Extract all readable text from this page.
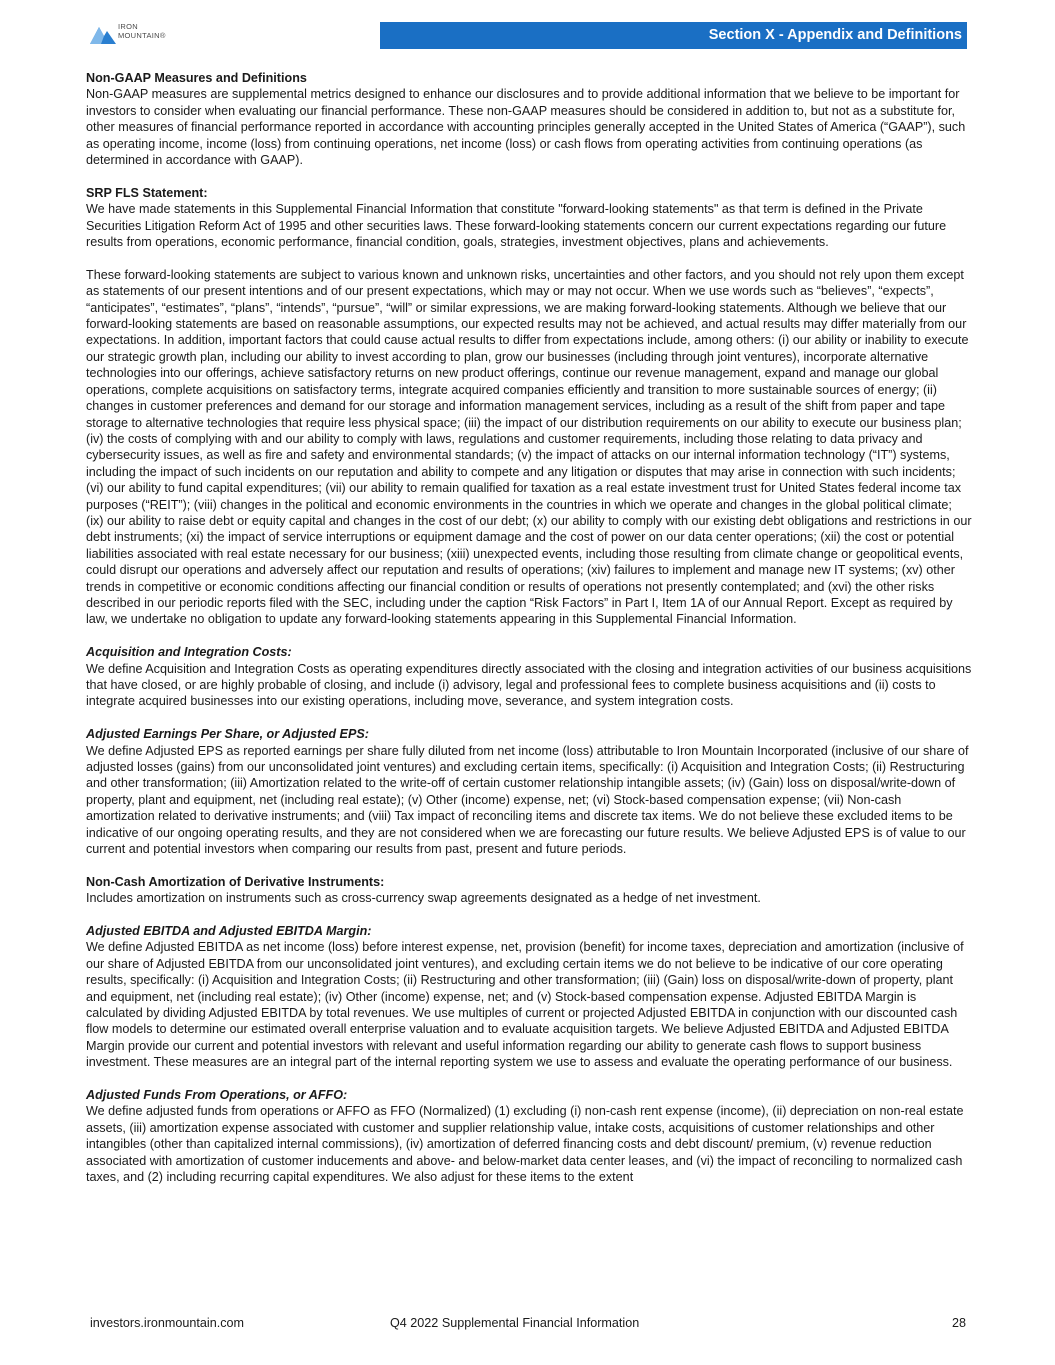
IRON
MOUNTAIN®	Section X - Appendix and Definitions

Non-GAAP Measures and Definitions

Non-GAAP measures are supplemental metrics designed to enhance our disclosures and to provide additional information that we believe to be important for investors to consider when evaluating our financial performance. These non-GAAP measures should be considered in addition to, but not as a substitute for, other measures of financial performance reported in accordance with accounting principles generally accepted in the United States of America (“GAAP”), such as operating income, income (loss) from continuing operations, net income (loss) or cash flows from operating activities from continuing operations (as determined in accordance with GAAP).

SRP FLS Statement:

We have made statements in this Supplemental Financial Information that constitute "forward-looking statements" as that term is defined in the Private Securities Litigation Reform Act of 1995 and other securities laws. These forward-looking statements concern our current expectations regarding our future results from operations, economic performance, financial condition, goals, strategies, investment objectives, plans and achievements.

These forward-looking statements are subject to various known and unknown risks, uncertainties and other factors, and you should not rely upon them except as statements of our present intentions and of our present expectations, which may or may not occur. When we use words such as “believes”, “expects”, “anticipates”, “estimates”, “plans”, “intends”, “pursue”, “will” or similar expressions, we are making forward-looking statements. Although we believe that our forward-looking statements are based on reasonable assumptions, our expected results may not be achieved, and actual results may differ materially from our expectations. In addition, important factors that could cause actual results to differ from expectations include, among others: (i) our ability or inability to execute our strategic growth plan, including our ability to invest according to plan, grow our businesses (including through joint ventures), incorporate alternative technologies into our offerings, achieve satisfactory returns on new product offerings, continue our revenue management, expand and manage our global operations, complete acquisitions on satisfactory terms, integrate acquired companies efficiently and transition to more sustainable sources of energy; (ii) changes in customer preferences and demand for our storage and information management services, including as a result of the shift from paper and tape storage to alternative technologies that require less physical space; (iii) the impact of our distribution requirements on our ability to execute our business plan; (iv) the costs of complying with and our ability to comply with laws, regulations and customer requirements, including those relating to data privacy and cybersecurity issues, as well as fire and safety and environmental standards; (v) the impact of attacks on our internal information technology (“IT”) systems, including the impact of such incidents on our reputation and ability to compete and any litigation or disputes that may arise in connection with such incidents; (vi) our ability to fund capital expenditures; (vii) our ability to remain qualified for taxation as a real estate investment trust for United States federal income tax purposes (“REIT”); (viii) changes in the political and economic environments in the countries in which we operate and changes in the global political climate; (ix) our ability to raise debt or equity capital and changes in the cost of our debt; (x) our ability to comply with our existing debt obligations and restrictions in our debt instruments; (xi) the impact of service interruptions or equipment damage and the cost of power on our data center operations; (xii) the cost or potential liabilities associated with real estate necessary for our business; (xiii) unexpected events, including those resulting from climate change or geopolitical events, could disrupt our operations and adversely affect our reputation and results of operations; (xiv) failures to implement and manage new IT systems; (xv) other trends in competitive or economic conditions affecting our financial condition or results of operations not presently contemplated; and (xvi) the other risks described in our periodic reports filed with the SEC, including under the caption “Risk Factors” in Part I, Item 1A of our Annual Report. Except as required by law, we undertake no obligation to update any forward-looking statements appearing in this Supplemental Financial Information.

Acquisition and Integration Costs:

We define Acquisition and Integration Costs as operating expenditures directly associated with the closing and integration activities of our business acquisitions that have closed, or are highly probable of closing, and include (i) advisory, legal and professional fees to complete business acquisitions and (ii) costs to integrate acquired businesses into our existing operations, including move, severance, and system integration costs.

Adjusted Earnings Per Share, or Adjusted EPS:

We define Adjusted EPS as reported earnings per share fully diluted from net income (loss) attributable to Iron Mountain Incorporated (inclusive of our share of adjusted losses (gains) from our unconsolidated joint ventures) and excluding certain items, specifically: (i) Acquisition and Integration Costs; (ii) Restructuring and other transformation; (iii) Amortization related to the write-off of certain customer relationship intangible assets; (iv) (Gain) loss on disposal/write-down of property, plant and equipment, net (including real estate); (v) Other (income) expense, net; (vi) Stock-based compensation expense; (vii) Non-cash amortization related to derivative instruments; and (viii) Tax impact of reconciling items and discrete tax items. We do not believe these excluded items to be indicative of our ongoing operating results, and they are not considered when we are forecasting our future results. We believe Adjusted EPS is of value to our current and potential investors when comparing our results from past, present and future periods.

Non-Cash Amortization of Derivative Instruments:

Includes amortization on instruments such as cross-currency swap agreements designated as a hedge of net investment.

Adjusted EBITDA and Adjusted EBITDA Margin:

We define Adjusted EBITDA as net income (loss) before interest expense, net, provision (benefit) for income taxes, depreciation and amortization (inclusive of our share of Adjusted EBITDA from our unconsolidated joint ventures), and excluding certain items we do not believe to be indicative of our core operating results, specifically: (i) Acquisition and Integration Costs; (ii) Restructuring and other transformation; (iii) (Gain) loss on disposal/write-down of property, plant and equipment, net (including real estate); (iv) Other (income) expense, net; and (v) Stock-based compensation expense. Adjusted EBITDA Margin is calculated by dividing Adjusted EBITDA by total revenues. We use multiples of current or projected Adjusted EBITDA in conjunction with our discounted cash flow models to determine our estimated overall enterprise valuation and to evaluate acquisition targets. We believe Adjusted EBITDA and Adjusted EBITDA Margin provide our current and potential investors with relevant and useful information regarding our ability to generate cash flows to support business investment. These measures are an integral part of the internal reporting system we use to assess and evaluate the operating performance of our business.

Adjusted Funds From Operations, or AFFO:

We define adjusted funds from operations or AFFO as FFO (Normalized) (1) excluding (i) non-cash rent expense (income), (ii) depreciation on non-real estate assets, (iii) amortization expense associated with customer and supplier relationship value, intake costs, acquisitions of customer relationships and other intangibles (other than capitalized internal commissions), (iv) amortization of deferred financing costs and debt discount/ premium, (v) revenue reduction associated with amortization of customer inducements and above- and below-market data center leases, and (vi) the impact of reconciling to normalized cash taxes, and (2) including recurring capital expenditures. We also adjust for these items to the extent

investors.ironmountain.com	Q4 2022 Supplemental Financial Information	28
